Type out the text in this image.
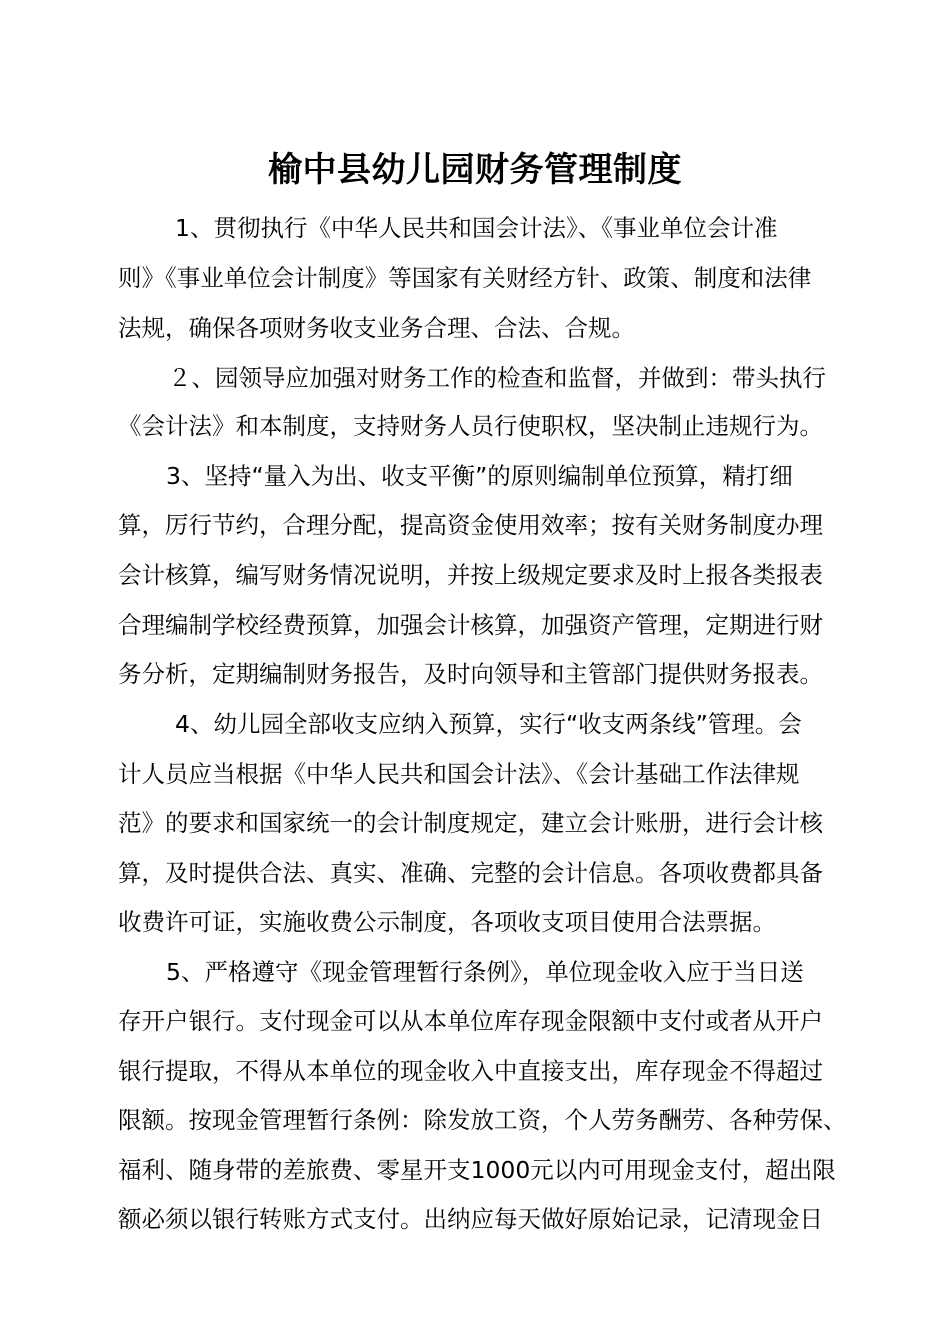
榆中县幼儿园财务管理制度
1、贯彻执行《中华人民共和国会计法》、《事业单位会计准
则》《事业单位会计制度》等国家有关财经方针、政策、制度和法律
法规，确保各项财务收支业务合理、合法、合规。
２、园领导应加强对财务工作的检查和监督，并做到：带头执行
《会计法》和本制度，支持财务人员行使职权，坚决制止违规行为。
3、坚持“量入为出、收支平衡”的原则编制单位预算，精打细
算，厉行节约，合理分配，提高资金使用效率；按有关财务制度办理
会计核算，编写财务情况说明，并按上级规定要求及时上报各类报表
合理编制学校经费预算，加强会计核算，加强资产管理，定期进行财
务分析，定期编制财务报告，及时向领导和主管部门提供财务报表。
4、幼儿园全部收支应纳入预算，实行“收支两条线”管理。会
计人员应当根据《中华人民共和国会计法》、《会计基础工作法律规
范》的要求和国家统一的会计制度规定，建立会计账册，进行会计核
算，及时提供合法、真实、准确、完整的会计信息。各项收费都具备
收费许可证，实施收费公示制度，各项收支项目使用合法票据。
5、严格遵守《现金管理暂行条例》，单位现金收入应于当日送
存开户银行。支付现金可以从本单位库存现金限额中支付或者从开户
银行提取，不得从本单位的现金收入中直接支出，库存现金不得超过
限额。按现金管理暂行条例：除发放工资，个人劳务酬劳、各种劳保、
福利、随身带的差旅费、零星开支1000元以内可用现金支付，超出限
额必须以银行转账方式支付。出纳应每天做好原始记录，记清现金日
